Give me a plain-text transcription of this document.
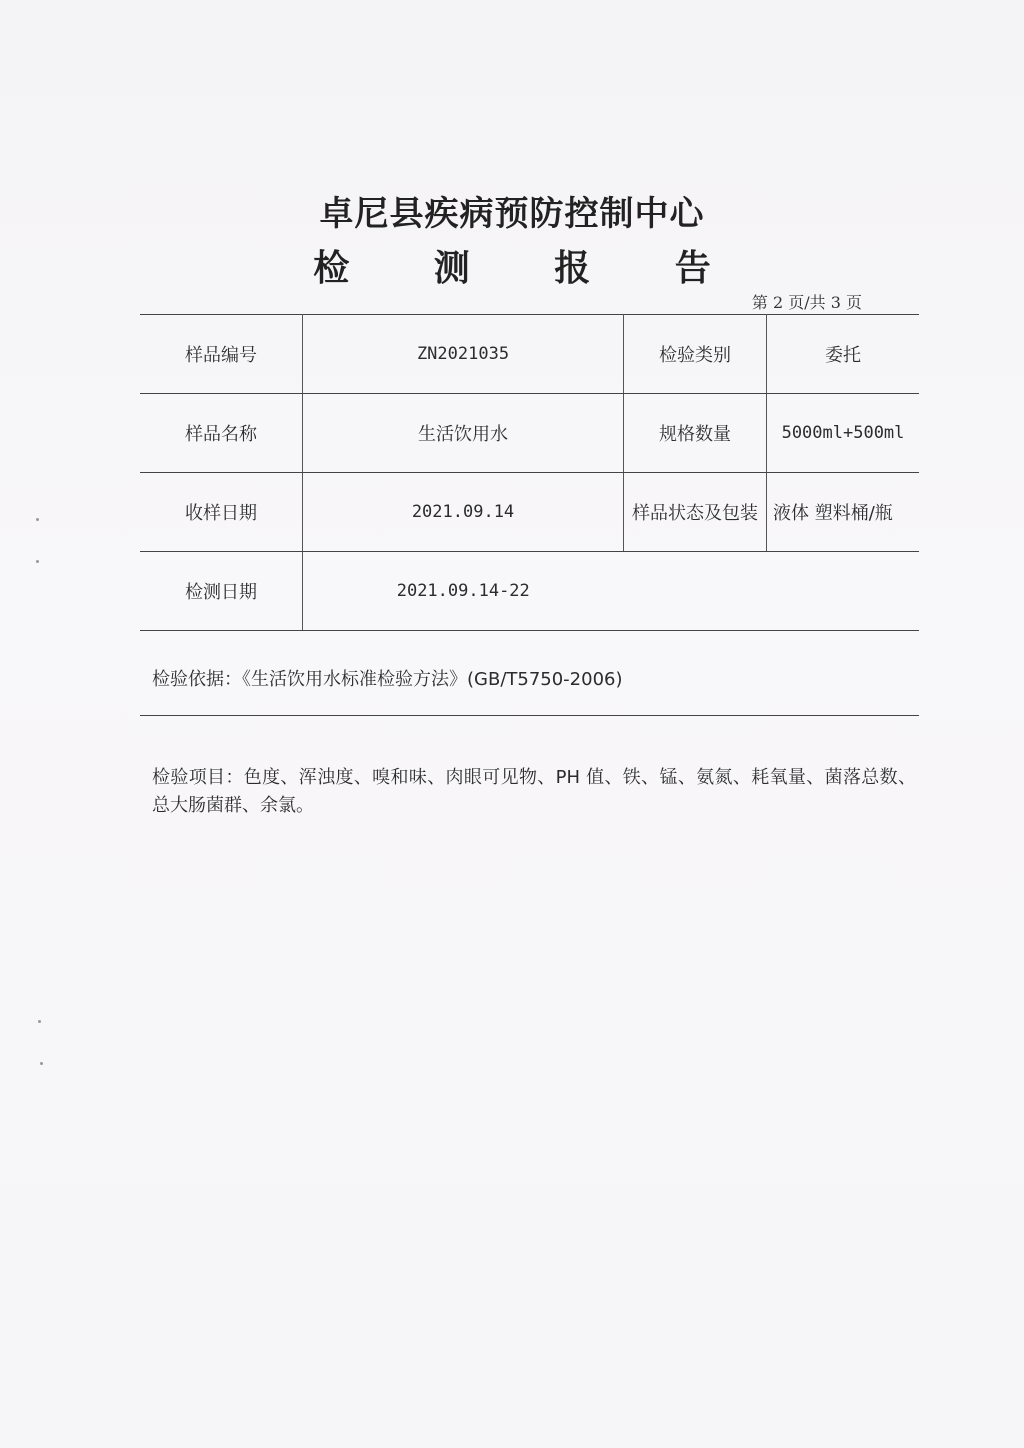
卓尼县疾病预防控制中心
检 测 报 告
第 2 页/共 3 页
样品编号	ZN2021035	检验类别	委托
样品名称	生活饮用水	规格数量	5000ml+500ml
收样日期	2021.09.14	样品状态及包装	液体 塑料桶/瓶
检测日期	2021.09.14-22		
检验依据：《生活饮用水标准检验方法》(GB/T5750-2006)
检验项目：色度、浑浊度、嗅和味、肉眼可见物、PH 值、铁、锰、氨氮、耗氧量、菌落总数、总大肠菌群、余氯。
